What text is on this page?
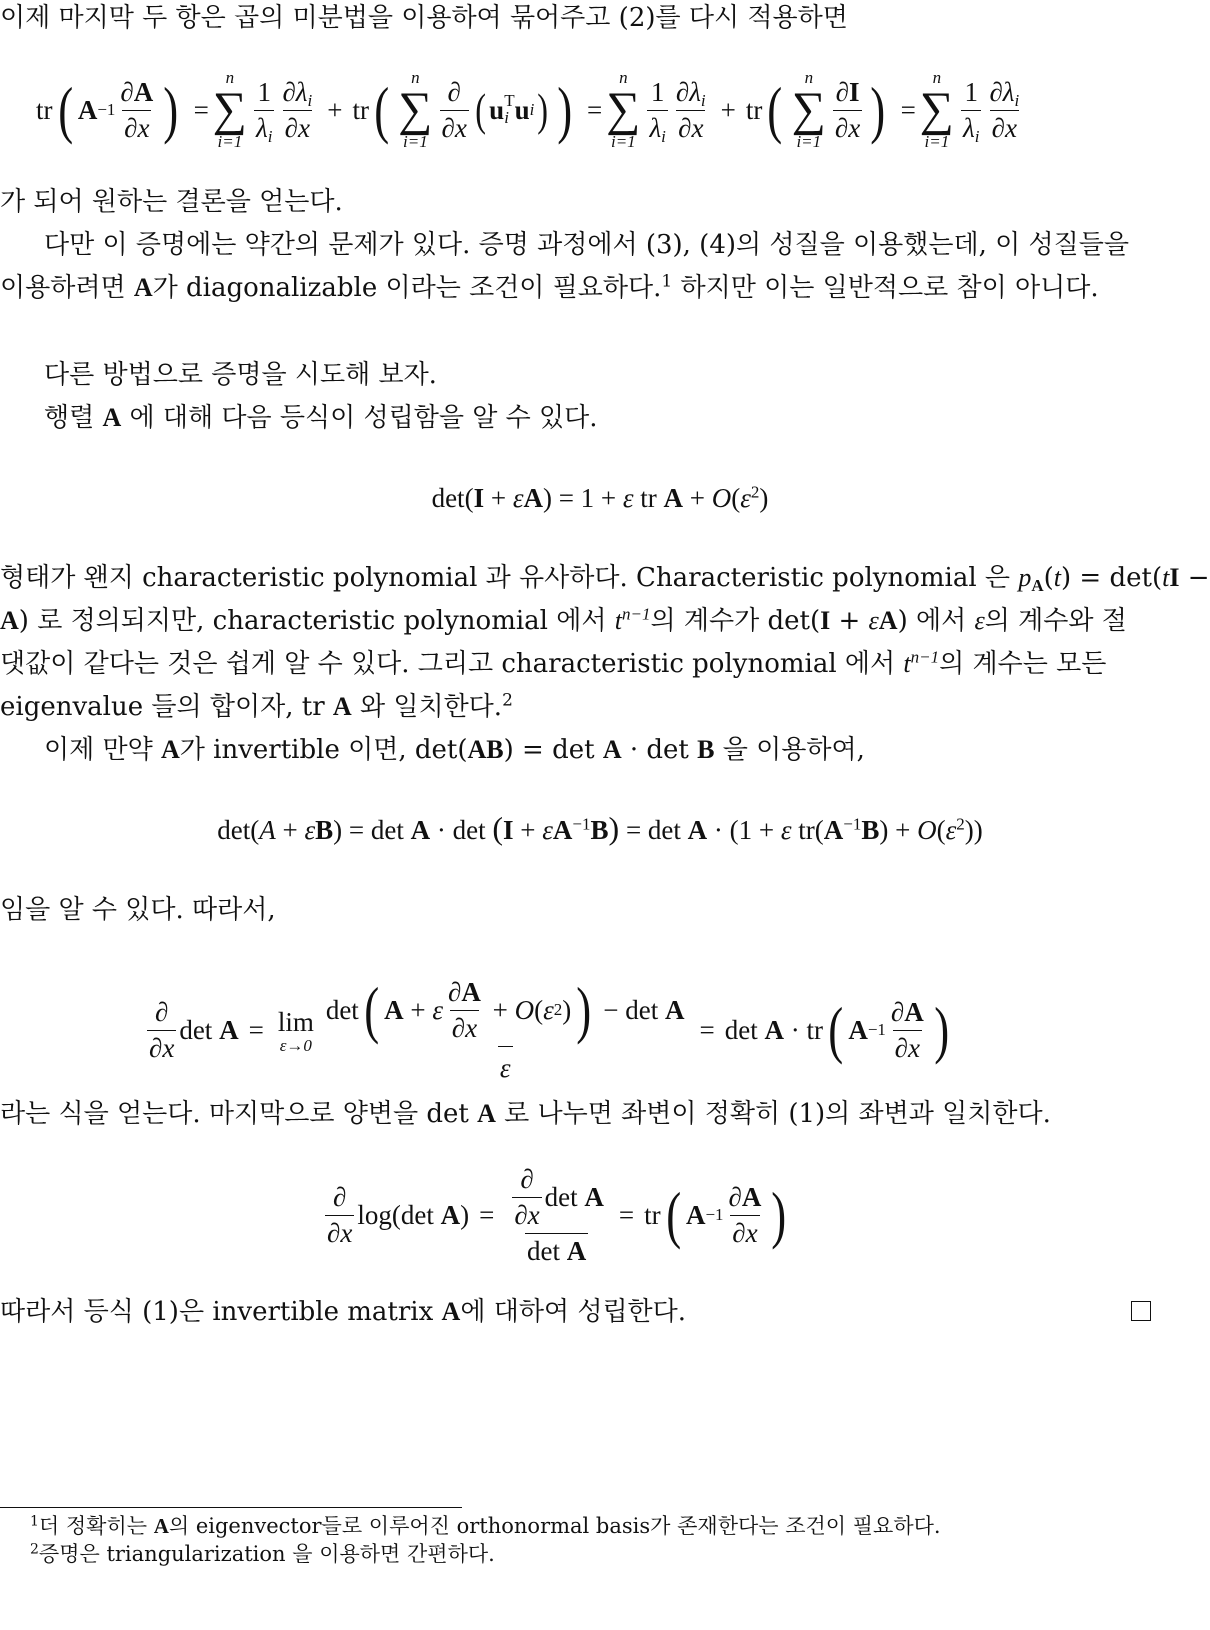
이제 마지막 두 항은 곱의 미분법을 이용하여 묶어주고 (2)를 다시 적용하면
tr ( $A -1 \frac{\partial A}{\partial x}$ ) =
n
∑
$i=1 \frac{1}{\lambda_i} \frac{\partial\lambda_i}{\partial x}$ + tr ( n
∑
$i=1 \frac{\partial}{\partial x}$ ( u T
i u i ) ) =
n
∑
$i=1 \frac{1}{\lambda_i} \frac{\partial\lambda_i}{\partial x}$ + tr ( n
∑
$i=1 \frac{\partial I}{\partial x}$ ) =
n
∑
$i=1 \frac{1}{\lambda_i} \frac{\partial\lambda_i}{\partial x}$
가 되어 원하는 결론을 얻는다.
다만 이 증명에는 약간의 문제가 있다. 증명 과정에서 (3), (4)의 성질을 이용했는데, 이 성질들을
이용하려면 A가 diagonalizable 이라는 조건이 필요하다.$^1$ 하지만 이는 일반적으로 참이 아니다.
다른 방법으로 증명을 시도해 보자.
행렬 A 에 대해 다음 등식이 성립함을 알 수 있다.
det(I + εA) = 1 + ε tr $A + O(\varepsilon^2)$
형태가 왠지 characteristic polynomial 과 유사하다. Characteristic polynomial 은 $p_A(t) = \det(tI$ −
A) 로 정의되지만, characteristic polynomial 에서 $t^{n-1}$의 계수가 det(I + εA) 에서 ε의 계수와 절
댓값이 같다는 것은 쉽게 알 수 있다. 그리고 characteristic polynomial 에서 $t^{n-1}$의 계수는 모든
eigenvalue 들의 합이자, tr A 와 일치한다.$^2$
이제 만약 A가 invertible 이면, det(AB) = det A · det B 을 이용하여,
$\det(A + \varepsilon B) = \det A \cdot \det (I + \varepsilon A^{-1}B) = \det A \cdot (1 + \varepsilon$ $tr(A^{-1}B) + O(\varepsilon^2)$)
임을 알 수 있다. 따라서,
$\frac{\partial}{\partial x}$ det
A = lim
ε→0 det ( A + ε $\frac{\partial A}{\partial x} + O$ ( ε 2 ) ) − det
A
ε = det
A · tr ( $A -1 \frac{\partial A}{\partial x}$ )
라는 식을 얻는다. 마지막으로 양변을 det A 로 나누면 좌변이 정확히 (1)의 좌변과 일치한다.
$\frac{\partial}{\partial x}$ log ( det
A ) = $\frac{\partial}{\partial x}$ det
A
det A = tr ( $A -1 \frac{\partial A}{\partial x}$ )
따라서 등식 (1)은 invertible matrix A에 대하여 성립한다.
$^1$더 정확히는 A의 eigenvector들로 이루어진 orthonormal basis가 존재한다는 조건이 필요하다.
$^2$증명은 triangularization 을 이용하면 간편하다.
